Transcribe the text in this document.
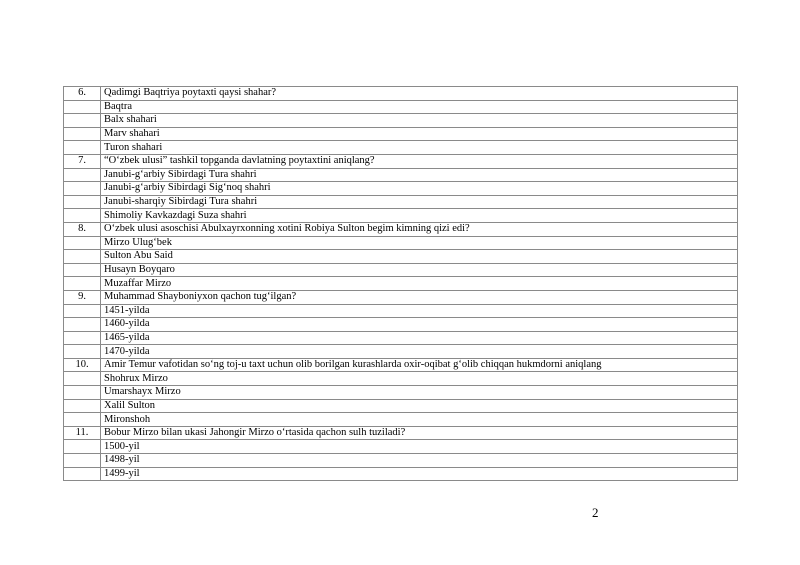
6.	Qadimgi Baqtriya poytaxti qaysi shahar?
	Baqtra
	Balx shahari
	Marv shahari
	Turon shahari
7.	“O‘zbek ulusi” tashkil topganda davlatning poytaxtini aniqlang?
	Janubi-g‘arbiy Sibirdagi Tura shahri
	Janubi-g‘arbiy Sibirdagi Sig‘noq shahri
	Janubi-sharqiy Sibirdagi Tura shahri
	Shimoliy Kavkazdagi Suza shahri
8.	O‘zbek ulusi asoschisi Abulxayrxonning xotini Robiya Sulton begim kimning qizi edi?
	Mirzo Ulug‘bek
	Sulton Abu Said
	Husayn Boyqaro
	Muzaffar Mirzo
9.	Muhammad Shayboniyxon qachon tug‘ilgan?
	1451-yilda
	1460-yilda
	1465-yilda
	1470-yilda
10.	Amir Temur vafotidan so‘ng toj-u taxt uchun olib borilgan kurashlarda oxir-oqibat g‘olib chiqqan hukmdorni aniqlang
	Shohrux Mirzo
	Umarshayx Mirzo
	Xalil Sulton
	Mironshoh
11.	Bobur Mirzo bilan ukasi Jahongir Mirzo o‘rtasida qachon sulh tuziladi?
	1500-yil
	1498-yil
	1499-yil
2
